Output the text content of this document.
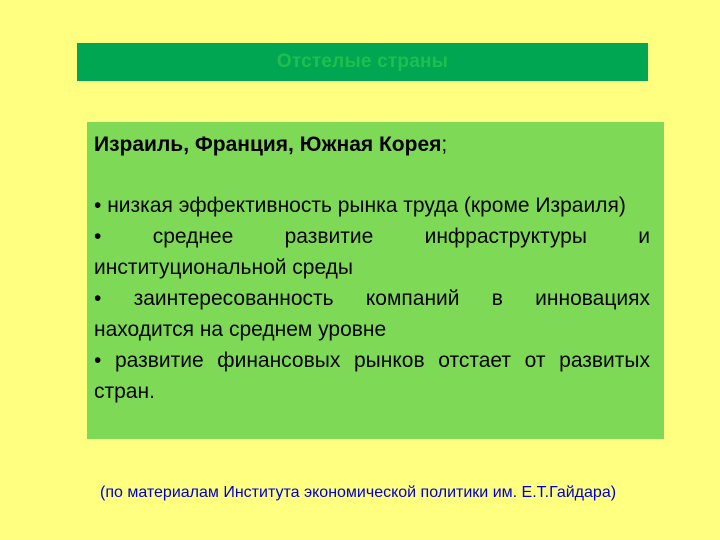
Отстелые страны

Израиль, Франция, Южная Корея;

• низкая эффективность рынка труда (кроме Израиля)
• среднее развитие инфраструктуры и институциональной среды
• заинтересованность компаний в инновациях находится на среднем уровне
• развитие финансовых рынков отстает от развитых стран.
(по материалам Института экономической политики им. Е.Т.Гайдара)
